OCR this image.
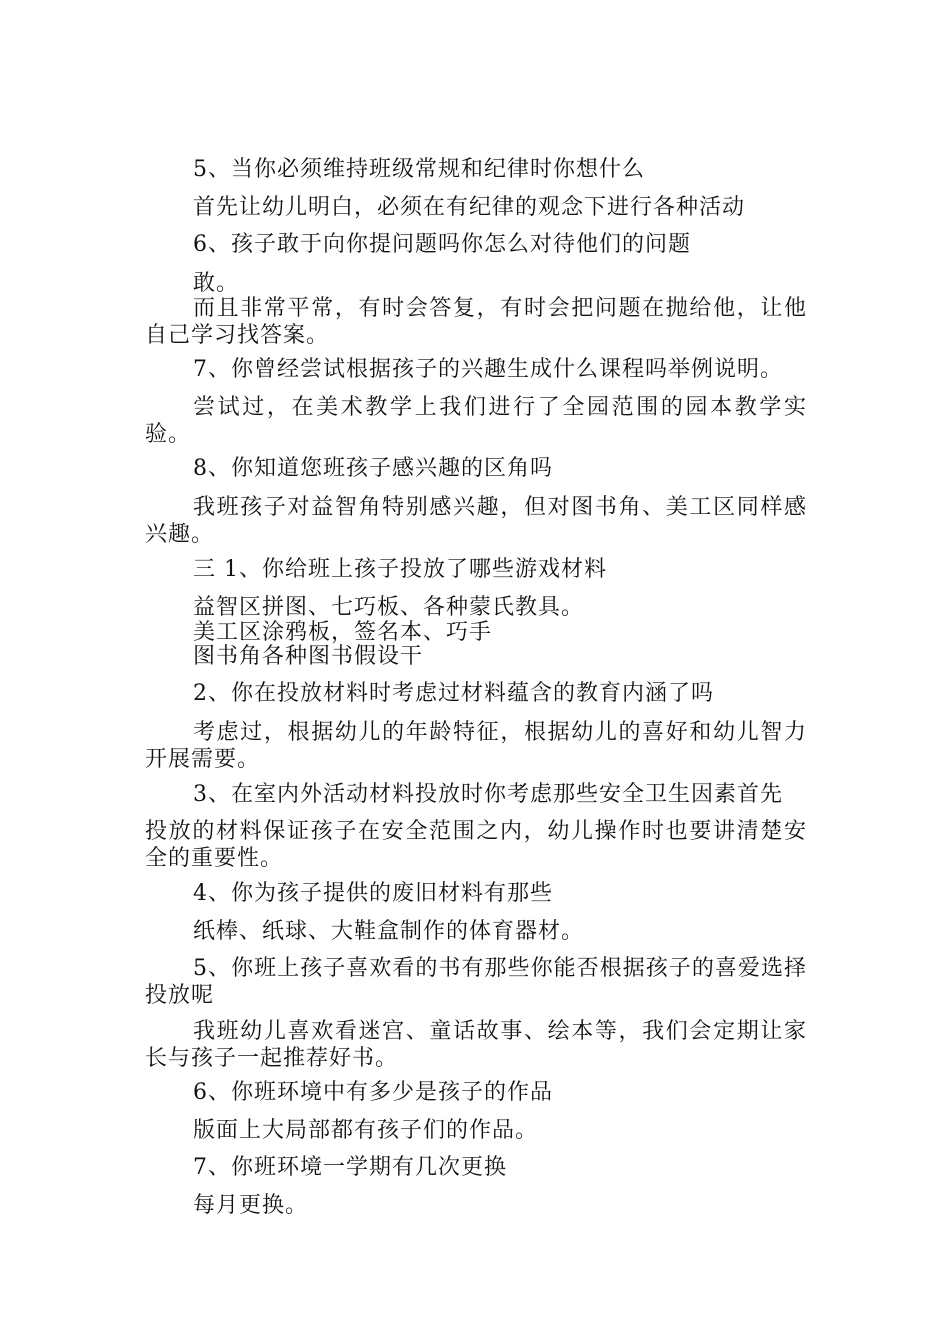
5、当你必须维持班级常规和纪律时你想什么

首先让幼儿明白，必须在有纪律的观念下进行各种活动

6、孩子敢于向你提问题吗你怎么对待他们的问题

敢。

而且非常平常，有时会答复，有时会把问题在抛给他，让他自己学习找答案。

7、你曾经尝试根据孩子的兴趣生成什么课程吗举例说明。

尝试过，在美术教学上我们进行了全园范围的园本教学实验。

8、你知道您班孩子感兴趣的区角吗

我班孩子对益智角特别感兴趣，但对图书角、美工区同样感兴趣。

三 1、你给班上孩子投放了哪些游戏材料

益智区拼图、七巧板、各种蒙氏教具。

美工区涂鸦板，签名本、巧手

图书角各种图书假设干

2、你在投放材料时考虑过材料蕴含的教育内涵了吗

考虑过，根据幼儿的年龄特征，根据幼儿的喜好和幼儿智力开展需要。

3、在室内外活动材料投放时你考虑那些安全卫生因素首先

投放的材料保证孩子在安全范围之内，幼儿操作时也要讲清楚安全的重要性。

4、你为孩子提供的废旧材料有那些

纸棒、纸球、大鞋盒制作的体育器材。

5、你班上孩子喜欢看的书有那些你能否根据孩子的喜爱选择投放呢

我班幼儿喜欢看迷宫、童话故事、绘本等，我们会定期让家长与孩子一起推荐好书。

6、你班环境中有多少是孩子的作品

版面上大局部都有孩子们的作品。

7、你班环境一学期有几次更换

每月更换。
